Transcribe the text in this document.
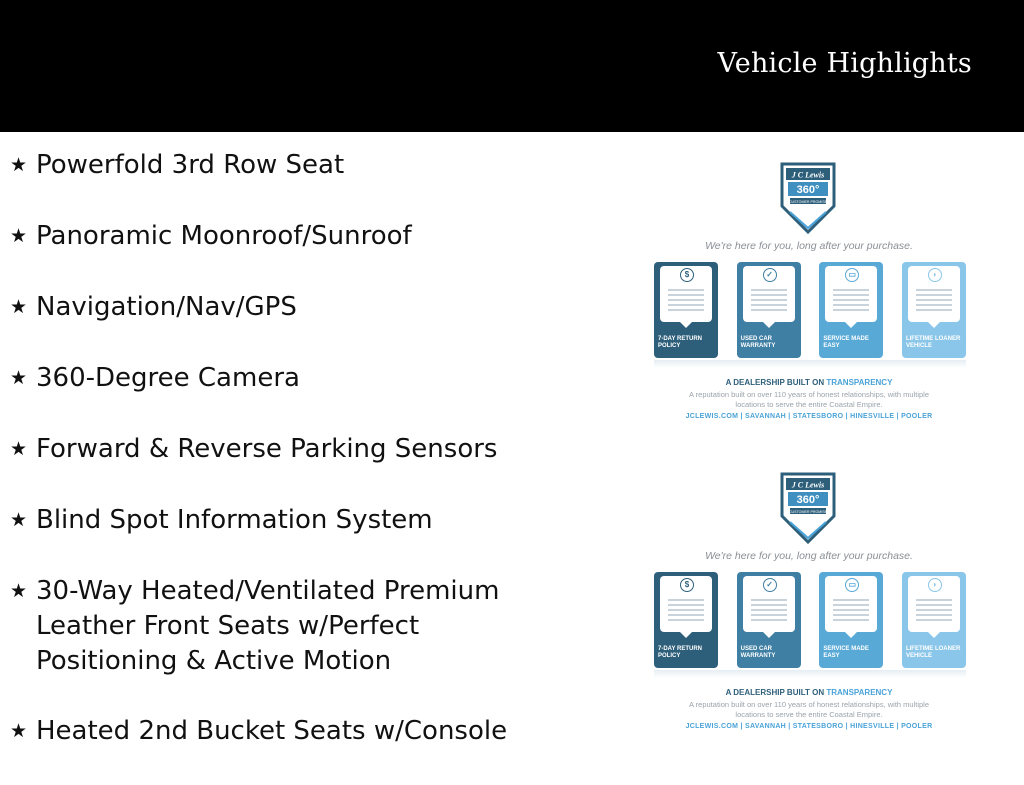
Vehicle Highlights
★ Powerfold 3rd Row Seat
★ Panoramic Moonroof/Sunroof
★ Navigation/Nav/GPS
★ 360-Degree Camera
★ Forward & Reverse Parking Sensors
★ Blind Spot Information System
★ 30-Way Heated/Ventilated Premium Leather Front Seats w/Perfect Positioning & Active Motion
★ Heated 2nd Bucket Seats w/Console
J C Lewis
360°
CUSTOMER PROMISE
We're here for you, long after your purchase.
$
7-DAY RETURN POLICY
✓
USED CAR WARRANTY
▭
SERVICE MADE EASY
◗
LIFETIME LOANER VEHICLE
A DEALERSHIP BUILT ON TRANSPARENCY
A reputation built on over 110 years of honest relationships, with multiple locations to serve the entire Coastal Empire.
JCLEWIS.COM | SAVANNAH | STATESBORO | HINESVILLE | POOLER
J C Lewis
360°
CUSTOMER PROMISE
We're here for you, long after your purchase.
$
7-DAY RETURN POLICY
✓
USED CAR WARRANTY
▭
SERVICE MADE EASY
◗
LIFETIME LOANER VEHICLE
A DEALERSHIP BUILT ON TRANSPARENCY
A reputation built on over 110 years of honest relationships, with multiple locations to serve the entire Coastal Empire.
JCLEWIS.COM | SAVANNAH | STATESBORO | HINESVILLE | POOLER
